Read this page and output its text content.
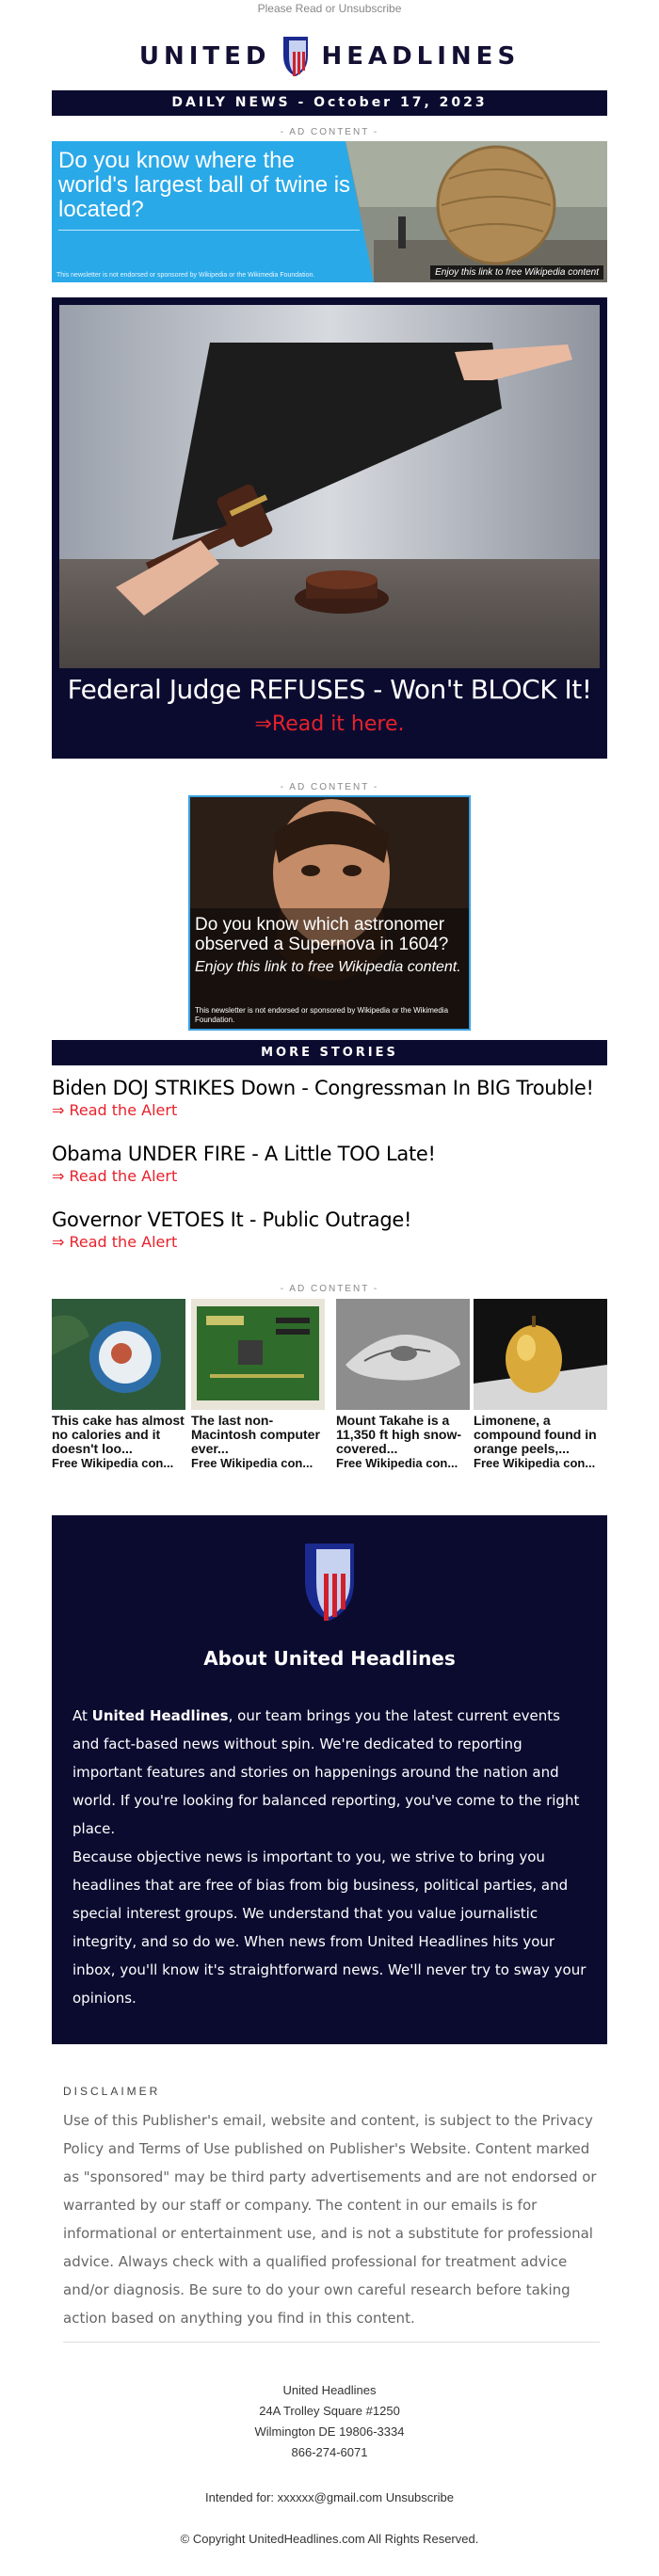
Please Read or Unsubscribe
UNITED HEADLINES
DAILY NEWS - October 17, 2023
- AD CONTENT -
Do you know where the world's largest ball of twine is located?
This newsletter is not endorsed or sponsored by Wikipedia or the Wikimedia Foundation.	Enjoy this link to free Wikipedia content
Federal Judge REFUSES - Won't BLOCK It!
⇒Read it here.
- AD CONTENT -
Do you know which astronomer observed a Supernova in 1604?
Enjoy this link to free Wikipedia content.
This newsletter is not endorsed or sponsored by Wikipedia or the Wikimedia Foundation.
MORE STORIES
Biden DOJ STRIKES Down - Congressman In BIG Trouble!
⇒ Read the Alert
Obama UNDER FIRE - A Little TOO Late!
⇒ Read the Alert
Governor VETOES It - Public Outrage!
⇒ Read the Alert
- AD CONTENT -
This cake has almost no calories and it doesn't loo...
Free Wikipedia con...
The last non-Macintosh computer ever...
Free Wikipedia con...
Mount Takahe is a 11,350 ft high snow-covered...
Free Wikipedia con...
Limonene, a compound found in orange peels,...
Free Wikipedia con...
About United Headlines
At United Headlines, our team brings you the latest current events and fact-based news without spin. We're dedicated to reporting important features and stories on happenings around the nation and world. If you're looking for balanced reporting, you've come to the right place.
Because objective news is important to you, we strive to bring you headlines that are free of bias from big business, political parties, and special interest groups. We understand that you value journalistic integrity, and so do we. When news from United Headlines hits your inbox, you'll know it's straightforward news. We'll never try to sway your opinions.
DISCLAIMER
Use of this Publisher's email, website and content, is subject to the Privacy Policy and Terms of Use published on Publisher's Website. Content marked as "sponsored" may be third party advertisements and are not endorsed or warranted by our staff or company. The content in our emails is for informational or entertainment use, and is not a substitute for professional advice. Always check with a qualified professional for treatment advice and/or diagnosis. Be sure to do your own careful research before taking action based on anything you find in this content.
United Headlines
24A Trolley Square #1250
Wilmington DE 19806-3334
866-274-6071
Intended for: xxxxxx@gmail.com Unsubscribe
© Copyright UnitedHeadlines.com All Rights Reserved.
